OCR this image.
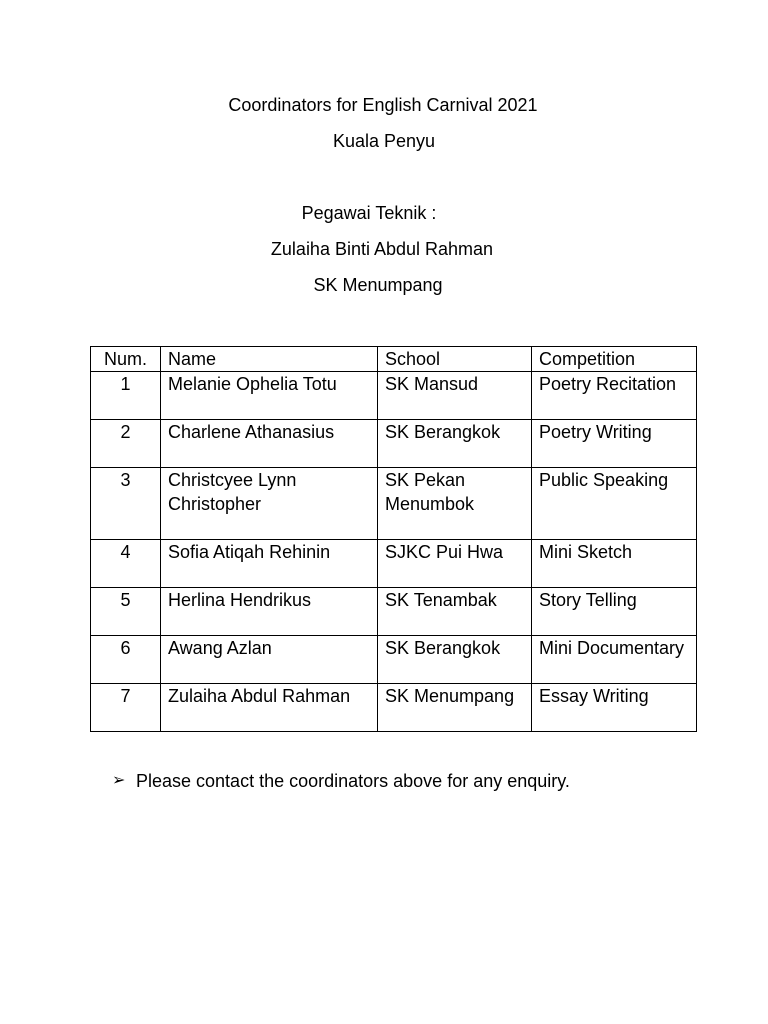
Coordinators for English Carnival 2021
Kuala Penyu
Pegawai Teknik :
Zulaiha Binti Abdul Rahman
SK Menumpang
Num.	Name	School	Competition
1	Melanie Ophelia Totu	SK Mansud	Poetry Recitation
2	Charlene Athanasius	SK Berangkok	Poetry Writing
3	Christcyee Lynn Christopher	SK Pekan Menumbok	Public Speaking
4	Sofia Atiqah Rehinin	SJKC Pui Hwa	Mini Sketch
5	Herlina Hendrikus	SK Tenambak	Story Telling
6	Awang Azlan	SK Berangkok	Mini Documentary
7	Zulaiha Abdul Rahman	SK Menumpang	Essay Writing
➢ Please contact the coordinators above for any enquiry.
